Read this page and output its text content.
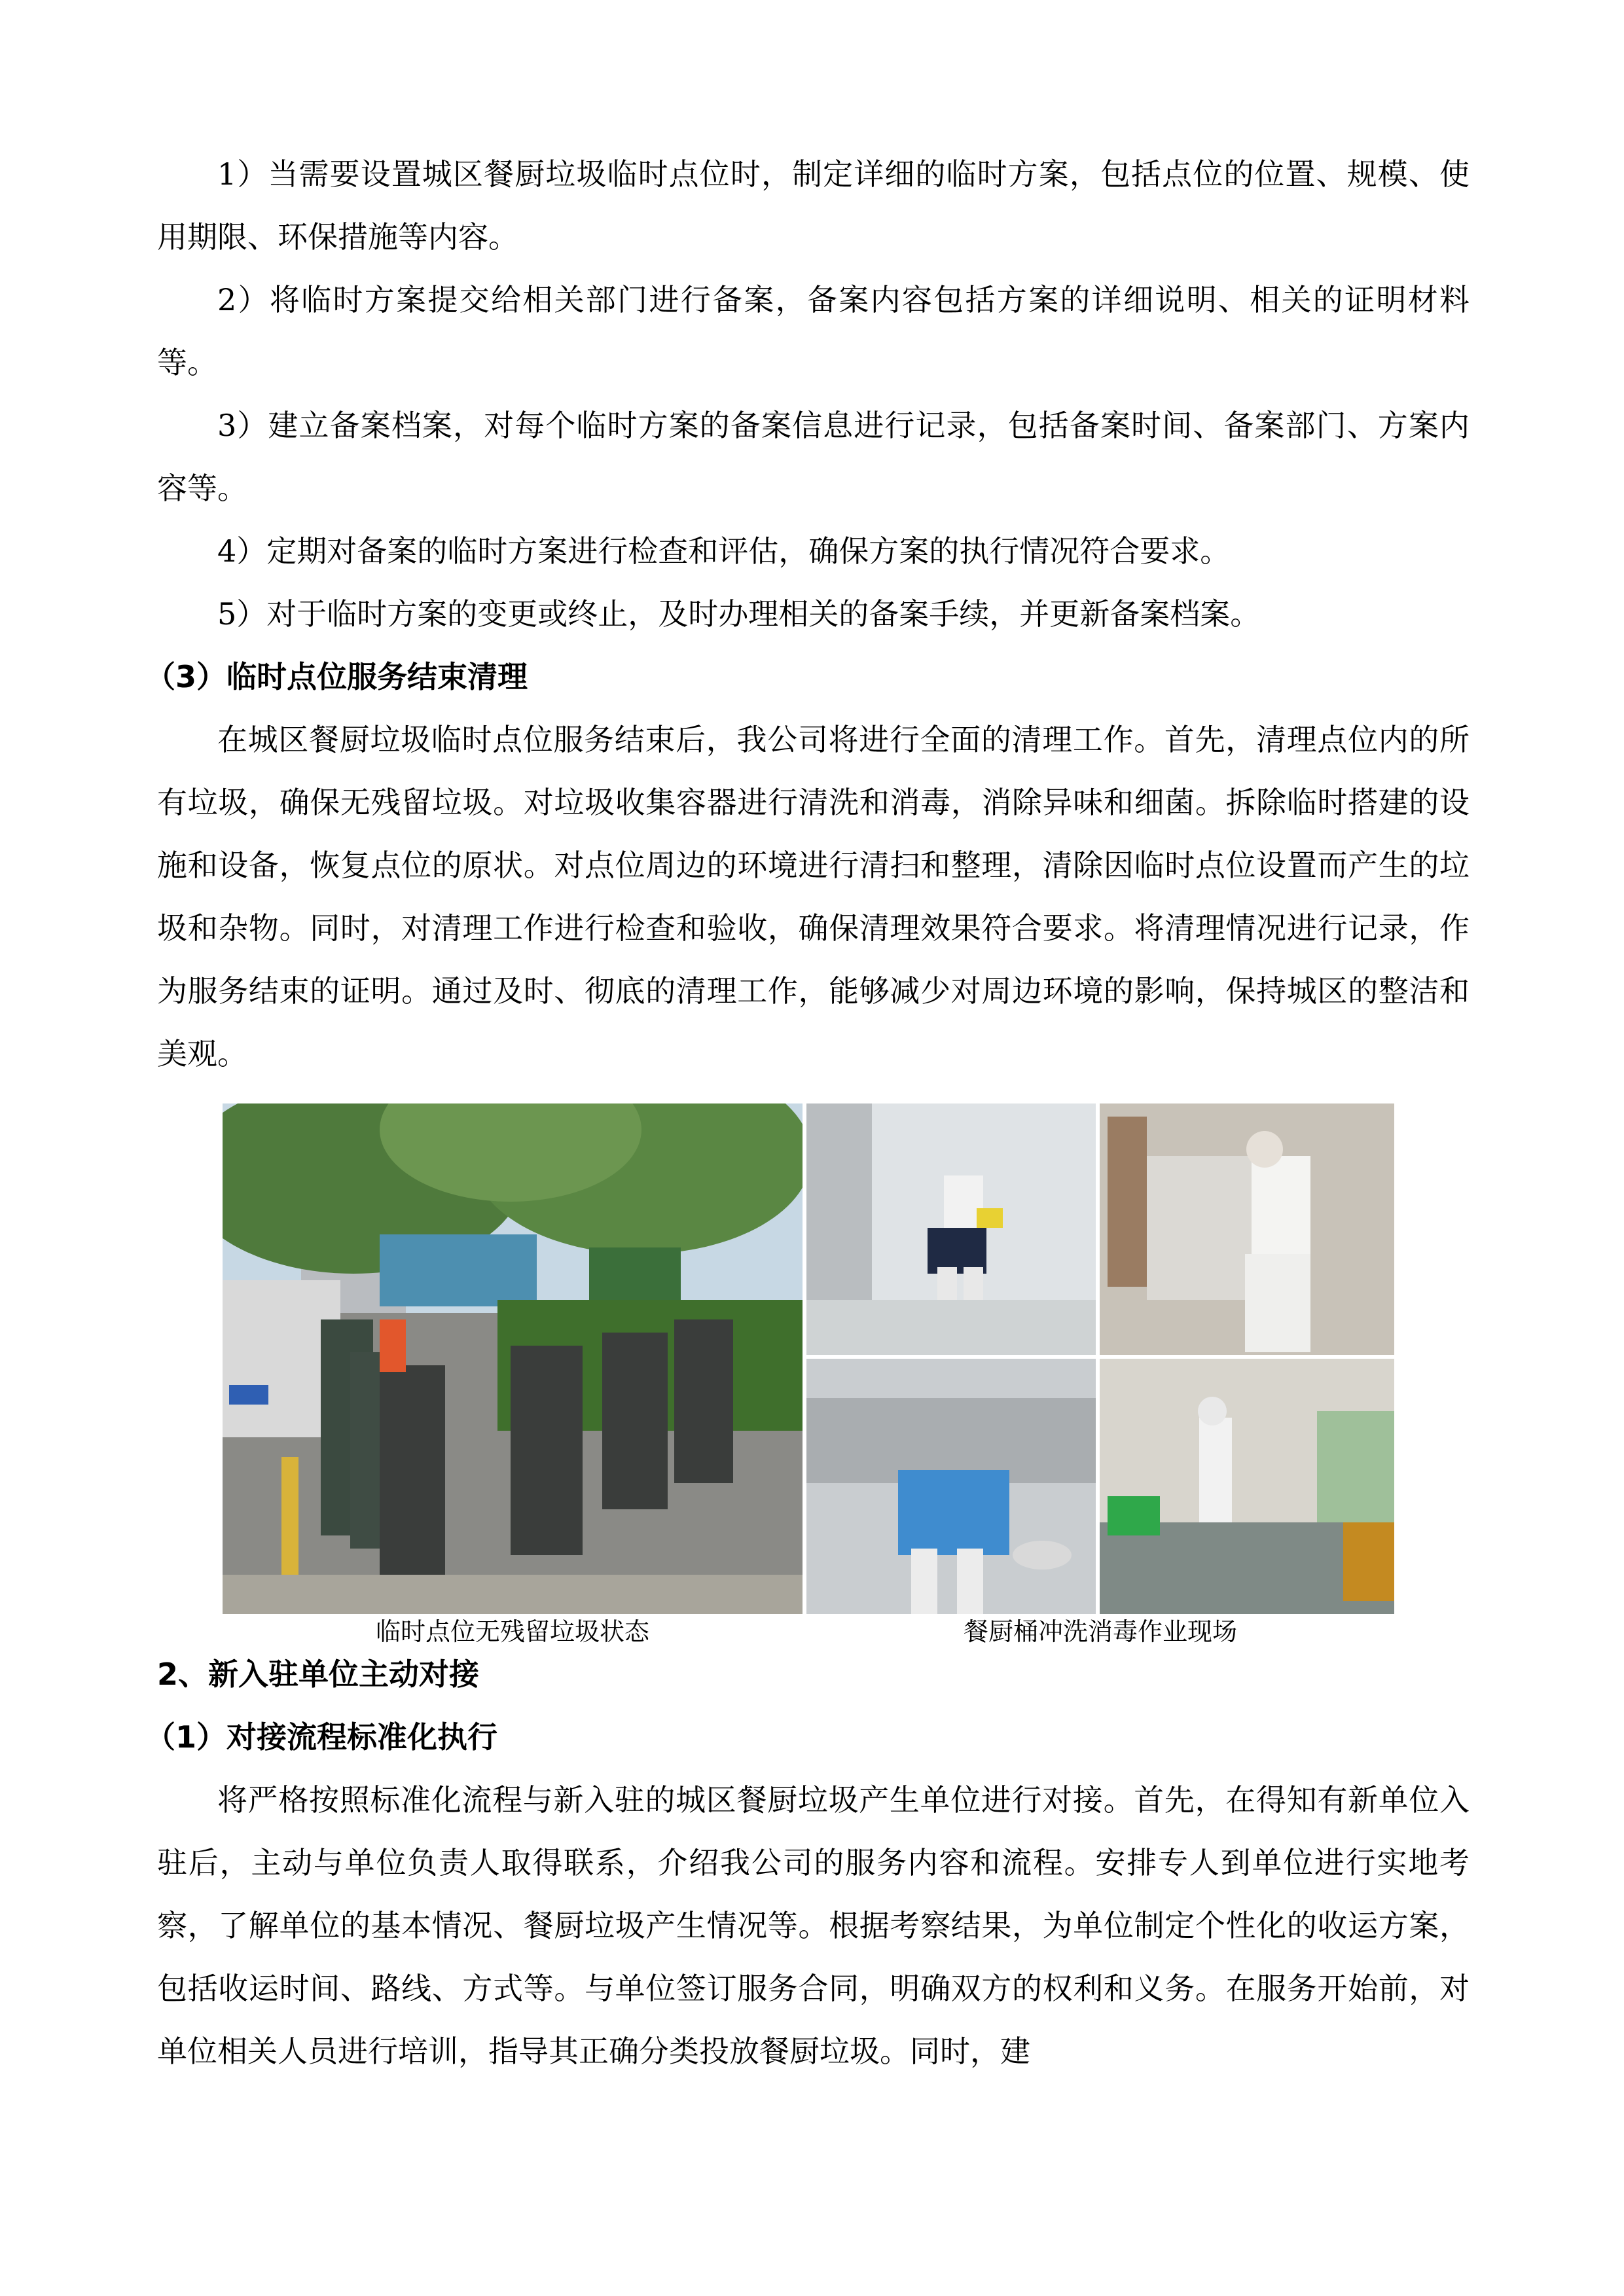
1）当需要设置城区餐厨垃圾临时点位时，制定详细的临时方案，包括点位的位置、规模、使用期限、环保措施等内容。

2）将临时方案提交给相关部门进行备案，备案内容包括方案的详细说明、相关的证明材料等。

3）建立备案档案，对每个临时方案的备案信息进行记录，包括备案时间、备案部门、方案内容等。

4）定期对备案的临时方案进行检查和评估，确保方案的执行情况符合要求。

5）对于临时方案的变更或终止，及时办理相关的备案手续，并更新备案档案。

（3）临时点位服务结束清理

在城区餐厨垃圾临时点位服务结束后，我公司将进行全面的清理工作。首先，清理点位内的所有垃圾，确保无残留垃圾。对垃圾收集容器进行清洗和消毒，消除异味和细菌。拆除临时搭建的设施和设备，恢复点位的原状。对点位周边的环境进行清扫和整理，清除因临时点位设置而产生的垃圾和杂物。同时，对清理工作进行检查和验收，确保清理效果符合要求。将清理情况进行记录，作为服务结束的证明。通过及时、彻底的清理工作，能够减少对周边环境的影响，保持城区的整洁和美观。

临时点位无残留垃圾状态	餐厨桶冲洗消毒作业现场
2、新入驻单位主动对接
（1）对接流程标准化执行

将严格按照标准化流程与新入驻的城区餐厨垃圾产生单位进行对接。首先，在得知有新单位入驻后，主动与单位负责人取得联系，介绍我公司的服务内容和流程。安排专人到单位进行实地考察，了解单位的基本情况、餐厨垃圾产生情况等。根据考察结果，为单位制定个性化的收运方案，包括收运时间、路线、方式等。与单位签订服务合同，明确双方的权利和义务。在服务开始前，对单位相关人员进行培训，指导其正确分类投放餐厨垃圾。同时，建
